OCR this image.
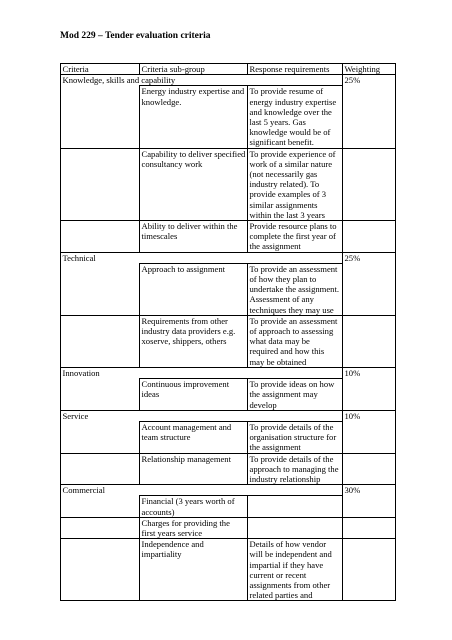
Mod 229 – Tender evaluation criteria
Criteria	Criteria sub-group	Response requirements	Weighting
Knowledge, skills and capability			25%
	Energy industry expertise and knowledge.	To provide resume of energy industry expertise and knowledge over the last 5 years. Gas knowledge would be of significant benefit.	
	Capability to deliver specified consultancy work	To provide experience of work of a similar nature (not necessarily gas industry related). To provide examples of 3 similar assignments within the last 3 years	
	Ability to deliver within the timescales	Provide resource plans to complete the first year of the assignment	
Technical			25%
	Approach to assignment	To provide an assessment of how they plan to undertake the assignment. Assessment of any techniques they may use	
	Requirements from other industry data providers e.g. xoserve, shippers, others	To provide an assessment of approach to assessing what data may be required and how this may be obtained	
Innovation			10%
	Continuous improvement ideas	To provide ideas on how the assignment may develop	
Service			10%
	Account management and team structure	To provide details of the organisation structure for the assignment	
	Relationship management	To provide details of the approach to managing the industry relationship	
Commercial			30%
	Financial (3 years worth of accounts)		
	Charges for providing the first years service		
	Independence and impartiality	Details of how vendor will be independent and impartial if they have current or recent assignments from other related parties and	
